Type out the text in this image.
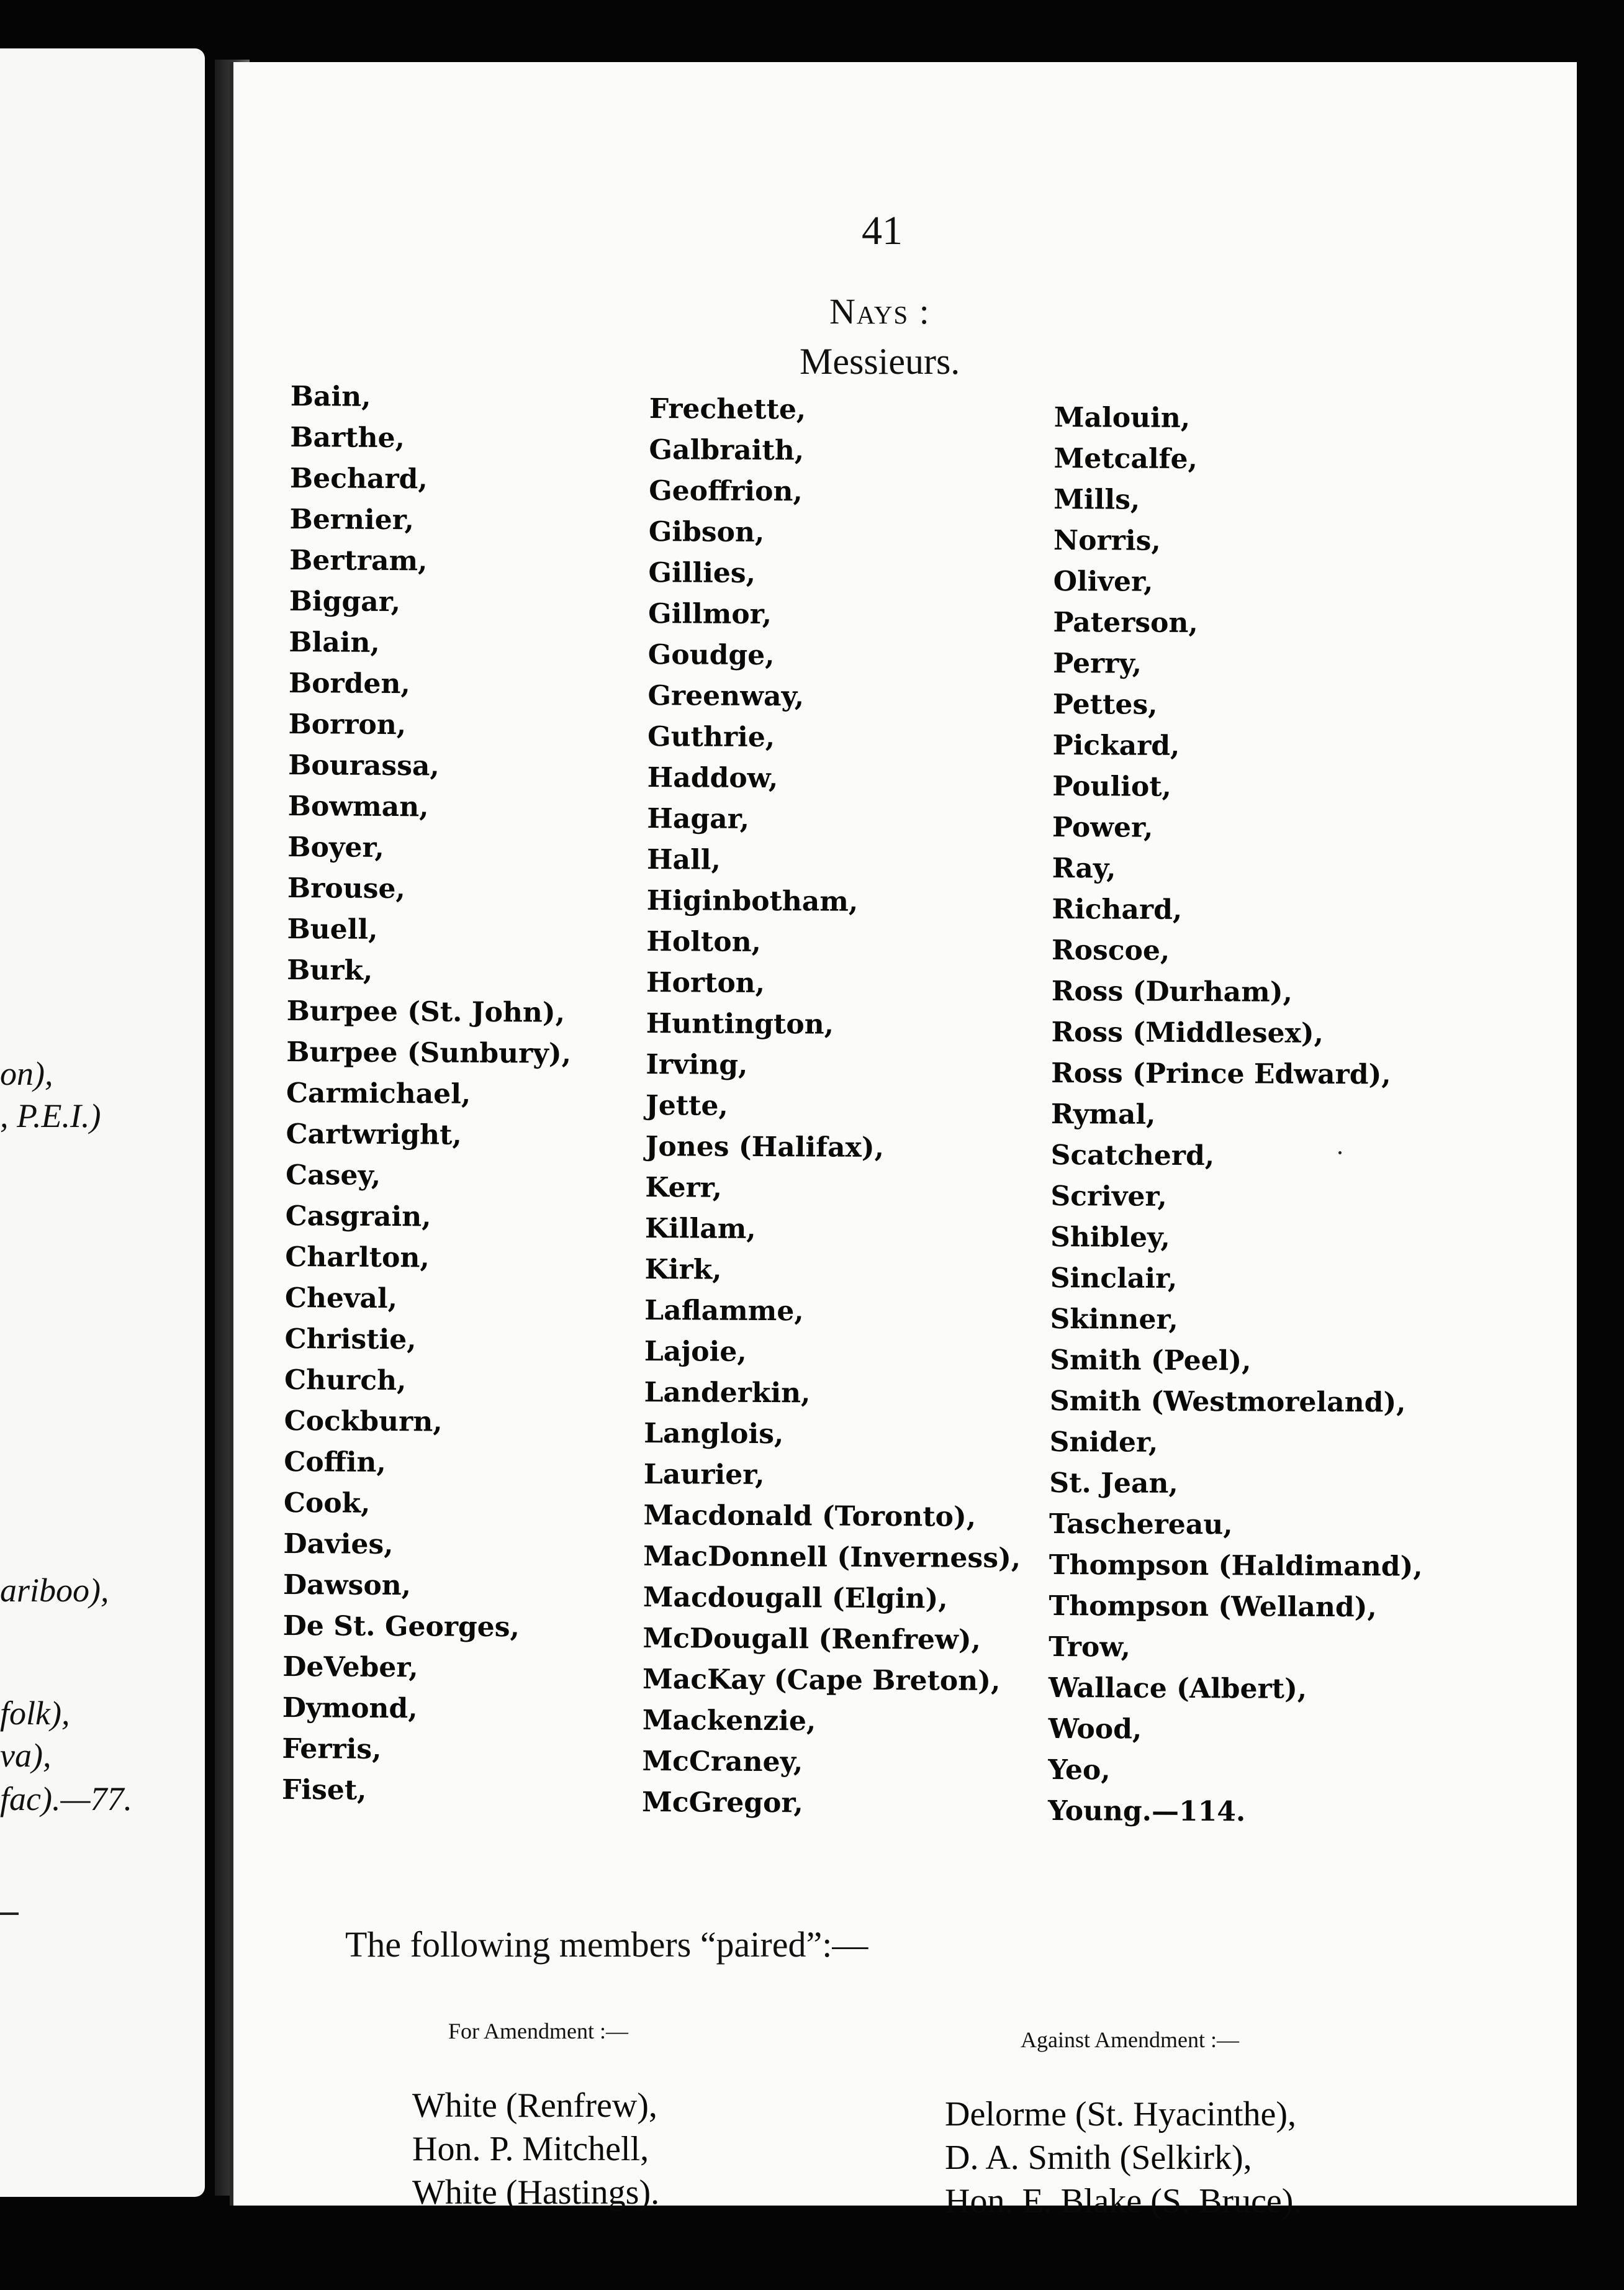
on),
, P.E.I.)
ariboo),
folk),
va),
fac).—77.
41
Nays :
Messieurs.
Bain,
Barthe,
Bechard,
Bernier,
Bertram,
Biggar,
Blain,
Borden,
Borron,
Bourassa,
Bowman,
Boyer,
Brouse,
Buell,
Burk,
Burpee (St. John),
Burpee (Sunbury),
Carmichael,
Cartwright,
Casey,
Casgrain,
Charlton,
Cheval,
Christie,
Church,
Cockburn,
Coffin,
Cook,
Davies,
Dawson,
De St. Georges,
DeVeber,
Dymond,
Ferris,
Fiset,
Frechette,
Galbraith,
Geoffrion,
Gibson,
Gillies,
Gillmor,
Goudge,
Greenway,
Guthrie,
Haddow,
Hagar,
Hall,
Higinbotham,
Holton,
Horton,
Huntington,
Irving,
Jette,
Jones (Halifax),
Kerr,
Killam,
Kirk,
Laflamme,
Lajoie,
Landerkin,
Langlois,
Laurier,
Macdonald (Toronto),
MacDonnell (Inverness),
Macdougall (Elgin),
McDougall (Renfrew),
MacKay (Cape Breton),
Mackenzie,
McCraney,
McGregor,
Malouin,
Metcalfe,
Mills,
Norris,
Oliver,
Paterson,
Perry,
Pettes,
Pickard,
Pouliot,
Power,
Ray,
Richard,
Roscoe,
Ross (Durham),
Ross (Middlesex),
Ross (Prince Edward),
Rymal,
Scatcherd,
Scriver,
Shibley,
Sinclair,
Skinner,
Smith (Peel),
Smith (Westmoreland),
Snider,
St. Jean,
Taschereau,
Thompson (Haldimand),
Thompson (Welland),
Trow,
Wallace (Albert),
Wood,
Yeo,
Young.—114.
The following members “paired”:—
For Amendment :—	Against Amendment :—
White (Renfrew),
Hon. P. Mitchell,
White (Hastings).
Delorme (St. Hyacinthe),
D. A. Smith (Selkirk),
Hon. E. Blake (S. Bruce).
